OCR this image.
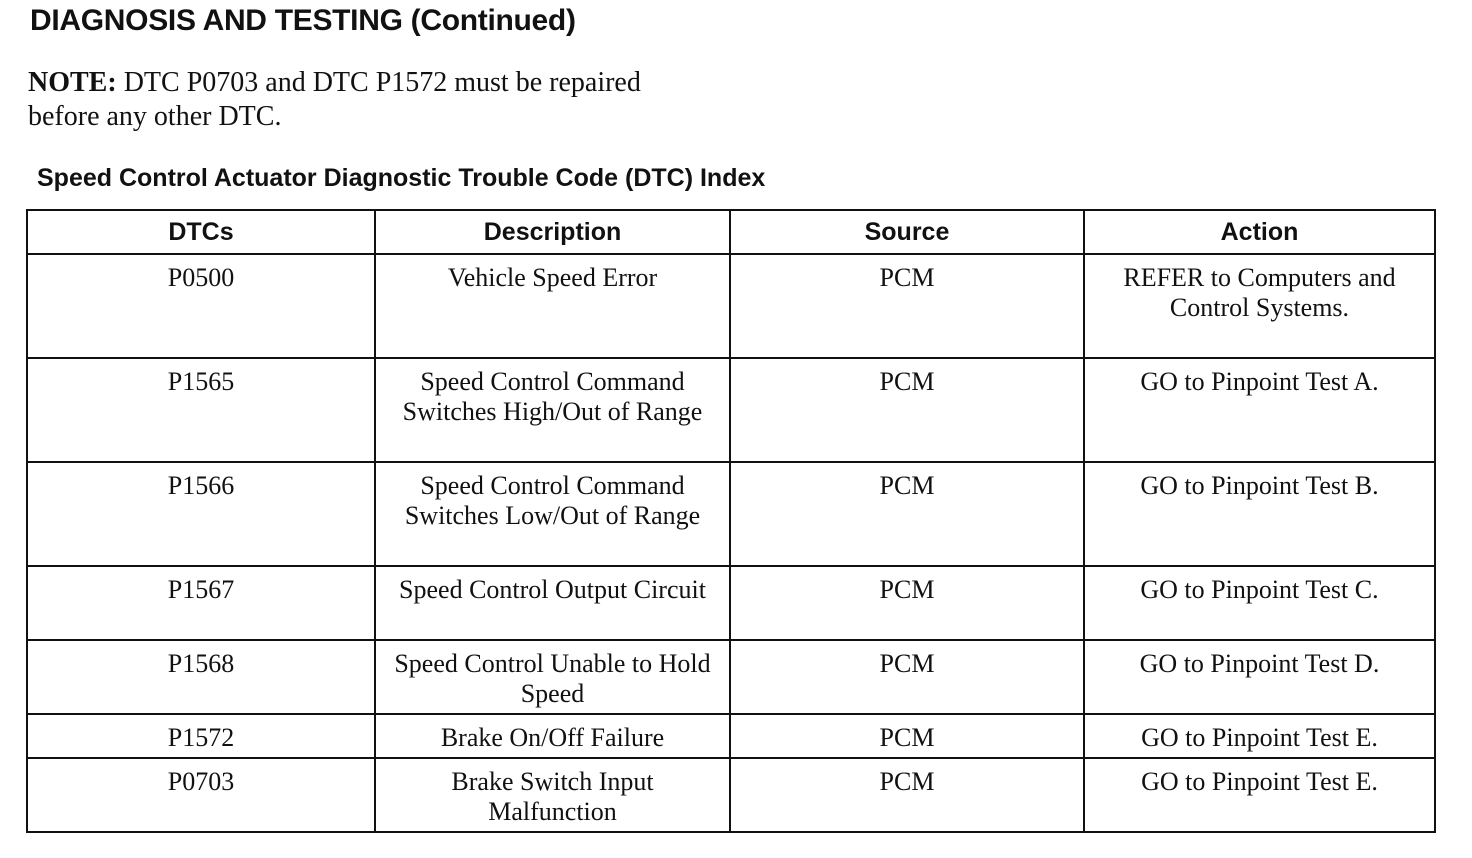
DIAGNOSIS AND TESTING (Continued)
NOTE: DTC P0703 and DTC P1572 must be repaired before any other DTC.
Speed Control Actuator Diagnostic Trouble Code (DTC) Index
DTCs	Description	Source	Action
P0500	Vehicle Speed Error	PCM	REFER to Computers and Control Systems.
P1565	Speed Control Command Switches High/Out of Range	PCM	GO to Pinpoint Test A.
P1566	Speed Control Command Switches Low/Out of Range	PCM	GO to Pinpoint Test B.
P1567	Speed Control Output Circuit	PCM	GO to Pinpoint Test C.
P1568	Speed Control Unable to Hold Speed	PCM	GO to Pinpoint Test D.
P1572	Brake On/Off Failure	PCM	GO to Pinpoint Test E.
P0703	Brake Switch Input Malfunction	PCM	GO to Pinpoint Test E.
